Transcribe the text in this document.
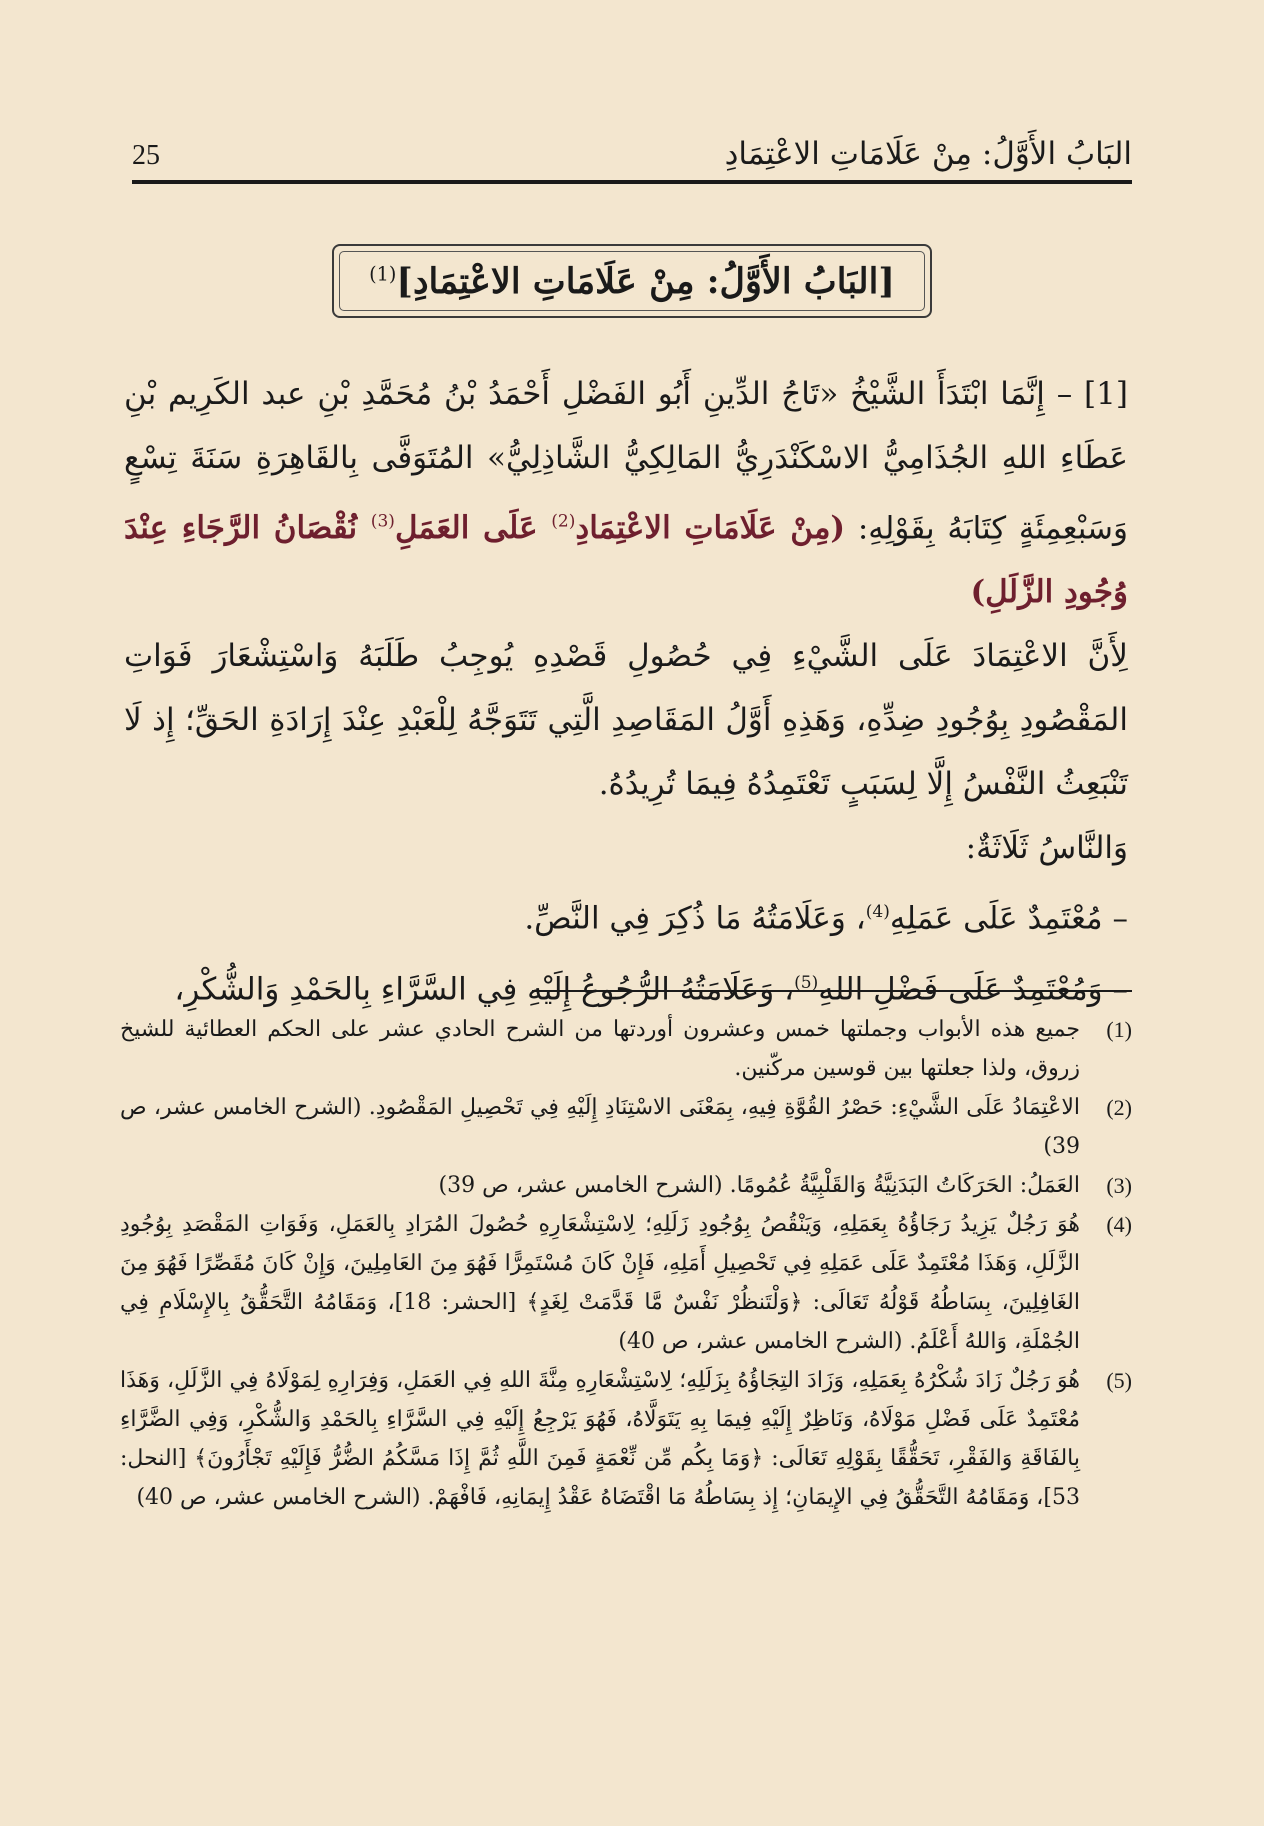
البَابُ الأَوَّلُ: مِنْ عَلَامَاتِ الاعْتِمَادِ
25
[البَابُ الأَوَّلُ: مِنْ عَلَامَاتِ الاعْتِمَادِ]$^{(1)}$

[1] – إِنَّمَا ابْتَدَأَ الشَّيْخُ «تَاجُ الدِّينِ أَبُو الفَضْلِ أَحْمَدُ بْنُ مُحَمَّدِ بْنِ عبد الكَرِيم بْنِ عَطَاءِ اللهِ الجُذَامِيُّ الاسْكَنْدَرِيُّ المَالِكِيُّ الشَّاذِلِيُّ» المُتَوَفَّى بِالقَاهِرَةِ سَنَةَ تِسْعٍ وَسَبْعِمِئَةٍ كِتَابَهُ بِقَوْلِهِ: (مِنْ عَلَامَاتِ الاعْتِمَادِ$^{(2)}$ عَلَى العَمَلِ$^{(3)}$ نُقْصَانُ الرَّجَاءِ عِنْدَ وُجُودِ الزَّلَلِ)

لِأَنَّ الاعْتِمَادَ عَلَى الشَّيْءِ فِي حُصُولِ قَصْدِهِ يُوجِبُ طَلَبَهُ وَاسْتِشْعَارَ فَوَاتِ المَقْصُودِ بِوُجُودِ ضِدِّهِ، وَهَذِهِ أَوَّلُ المَقَاصِدِ الَّتِي تَتَوَجَّهُ لِلْعَبْدِ عِنْدَ إِرَادَةِ الحَقِّ؛ إِذ لَا تَنْبَعِثُ النَّفْسُ إِلَّا لِسَبَبٍ تَعْتَمِدُهُ فِيمَا تُرِيدُهُ.

وَالنَّاسُ ثَلَاثَةٌ:

– مُعْتَمِدٌ عَلَى عَمَلِهِ$^{(4)}$، وَعَلَامَتُهُ مَا ذُكِرَ فِي النَّصِّ.

– وَمُعْتَمِدٌ عَلَى فَضْلِ اللهِ$^{(5)}$، وَعَلَامَتُهُ الرُّجُوعُ إِلَيْهِ فِي السَّرَّاءِ بِالحَمْدِ وَالشُّكْرِ،

(1)
جميع هذه الأبواب وجملتها خمس وعشرون أوردتها من الشرح الحادي عشر على الحكم العطائية للشيخ زروق، ولذا جعلتها بين قوسين مركّنين.

(2)
الاعْتِمَادُ عَلَى الشَّيْءِ: حَصْرُ القُوَّةِ فِيهِ، بِمَعْنَى الاسْتِنَادِ إِلَيْهِ فِي تَحْصِيلِ المَقْصُودِ. (الشرح الخامس عشر، ص 39)

(3)
العَمَلُ: الحَرَكَاتُ البَدَنِيَّةُ وَالقَلْبِيَّةُ عُمُومًا. (الشرح الخامس عشر، ص 39)

(4)
هُوَ رَجُلٌ يَزِيدُ رَجَاؤُهُ بِعَمَلِهِ، وَيَنْقُصُ بِوُجُودِ زَلَلِهِ؛ لِاسْتِشْعَارِهِ حُصُولَ المُرَادِ بِالعَمَلِ، وَفَوَاتِ المَقْصَدِ بِوُجُودِ الزَّلَلِ، وَهَذَا مُعْتَمِدٌ عَلَى عَمَلِهِ فِي تَحْصِيلِ أَمَلِهِ، فَإِنْ كَانَ مُسْتَمِرًّا فَهُوَ مِنَ العَامِلِينَ، وَإِنْ كَانَ مُقَصِّرًا فَهُوَ مِنَ الغَافِلِينَ، بِسَاطُهُ قَوْلُهُ تَعَالَى: ﴿وَلْتَنظُرْ نَفْسٌ مَّا قَدَّمَتْ لِغَدٍ﴾ [الحشر: 18]، وَمَقَامُهُ التَّحَقُّقُ بِالإِسْلَامِ فِي الجُمْلَةِ، وَاللهُ أَعْلَمُ. (الشرح الخامس عشر، ص 40)

(5)
هُوَ رَجُلٌ زَادَ شُكْرُهُ بِعَمَلِهِ، وَزَادَ التِجَاؤُهُ بِزَلَلِهِ؛ لِاسْتِشْعَارِهِ مِنَّةَ اللهِ فِي العَمَلِ، وَفِرَارِهِ لِمَوْلَاهُ فِي الزَّلَلِ، وَهَذَا مُعْتَمِدٌ عَلَى فَضْلِ مَوْلَاهُ، وَنَاظِرٌ إِلَيْهِ فِيمَا بِهِ يَتَوَلَّاهُ، فَهُوَ يَرْجِعُ إِلَيْهِ فِي السَّرَّاءِ بِالحَمْدِ وَالشُّكْرِ، وَفِي الضَّرَّاءِ بِالفَاقَةِ وَالفَقْرِ، تَحَقُّقًا بِقَوْلِهِ تَعَالَى: ﴿وَمَا بِكُم مِّن نِّعْمَةٍ فَمِنَ اللَّهِ ثُمَّ إِذَا مَسَّكُمُ الضُّرُّ فَإِلَيْهِ تَجْأَرُونَ﴾ [النحل: 53]، وَمَقَامُهُ التَّحَقُّقُ فِي الإِيمَانِ؛ إِذ بِسَاطُهُ مَا اقْتَضَاهُ عَقْدُ إِيمَانِهِ، فَافْهَمْ. (الشرح الخامس عشر، ص 40)
